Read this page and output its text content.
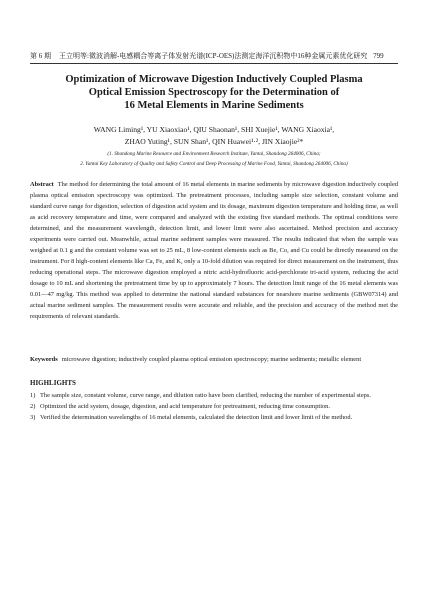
第 6 期 王立明等:微波消解-电感耦合等离子体发射光谱(ICP-OES)法测定海洋沉积物中16种金属元素优化研究 799
Optimization of Microwave Digestion Inductively Coupled Plasma
Optical Emission Spectroscopy for the Determination of
16 Metal Elements in Marine Sediments
WANG Liming¹, YU Xiaoxiao¹, QIU Shaonan¹, SHI Xuejie¹, WANG Xiaoxia¹,
ZHAO Yuting¹, SUN Shan¹, QIN Huawei¹·², JIN Xiaojie²*
(1. Shandong Marine Resource and Environment Research Institute, Yantai, Shandong 264006, China;
2. Yantai Key Laboratory of Quality and Safety Control and Deep Processing of Marine Food, Yantai, Shandong 264006, China)
Abstract The method for determining the total amount of 16 metal elements in marine sediments by microwave digestion inductively coupled plasma optical emission spectroscopy was optimized. The pretreatment processes, including sample size selection, constant volume and standard curve range for digestion, selection of digestion acid system and its dosage, maximum digestion temperature and holding time, as well as acid recovery temperature and time, were compared and analyzed with the existing five standard methods. The optimal conditions were determined, and the measurement wavelength, detection limit, and lower limit were also ascertained. Method precision and accuracy experiments were carried out. Meanwhile, actual marine sediment samples were measured. The results indicated that when the sample was weighed at 0.1 g and the constant volume was set to 25 mL, 8 low-content elements such as Be, Co, and Cu could be directly measured on the instrument. For 8 high-content elements like Ca, Fe, and K, only a 10-fold dilution was required for direct measurement on the instrument, thus reducing operational steps. The microwave digestion employed a nitric acid-hydrofluoric acid-perchlorate tri-acid system, reducing the acid dosage to 10 mL and shortening the pretreatment time by up to approximately 7 hours. The detection limit range of the 16 metal elements was 0.01—47 mg/kg. This method was applied to determine the national standard substances for nearshore marine sediments (GBW07314) and actual marine sediment samples. The measurement results were accurate and reliable, and the precision and accuracy of the method met the requirements of relevant standards.
Keywords microwave digestion; inductively coupled plasma optical emission spectroscopy; marine sediments; metallic element
HIGHLIGHTS
1) The sample size, constant volume, curve range, and dilution ratio have been clarified, reducing the number of experimental steps.
2) Optimized the acid system, dosage, digestion, and acid temperature for pretreatment, reducing time consumption.
3) Verified the determination wavelengths of 16 metal elements, calculated the detection limit and lower limit of the method.
